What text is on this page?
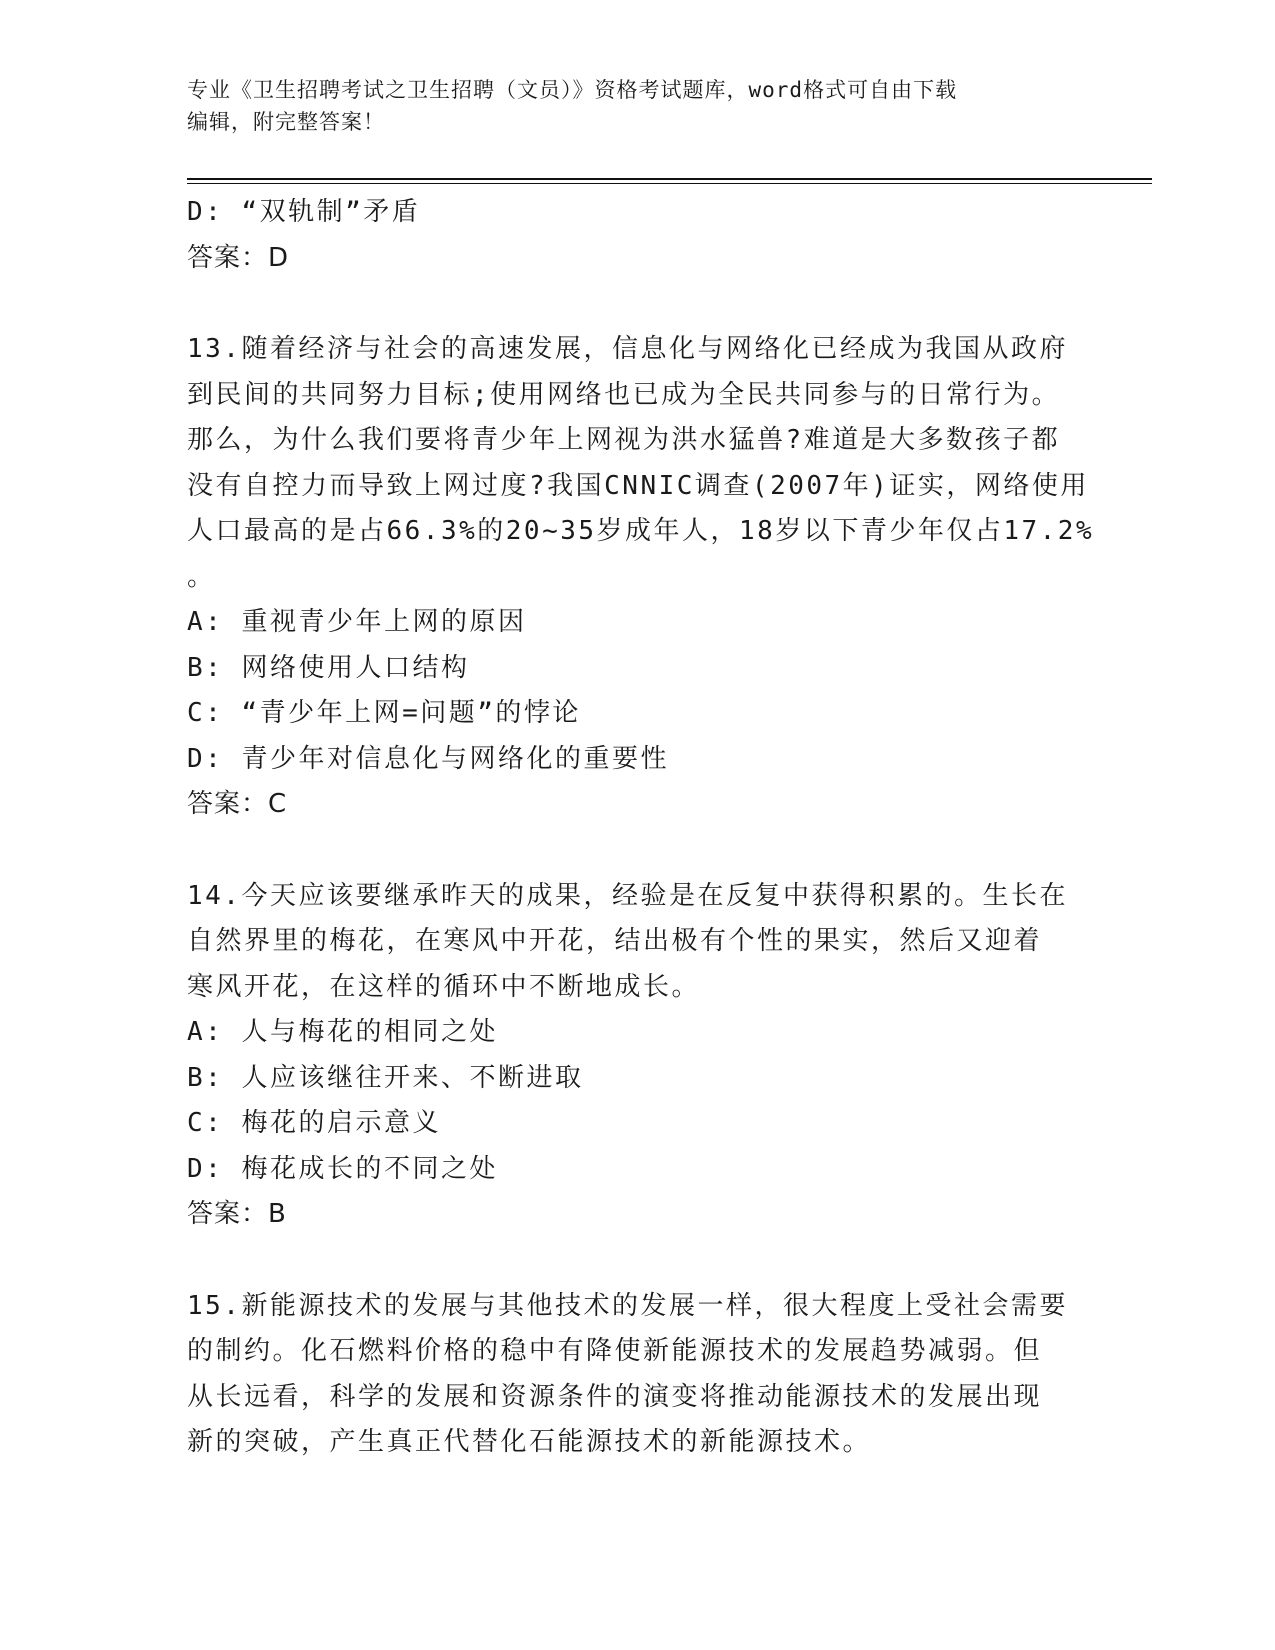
专业《卫生招聘考试之卫生招聘（文员）》资格考试题库，word格式可自由下载
编辑，附完整答案！
D: “双轨制”矛盾
答案：D
13.随着经济与社会的高速发展，信息化与网络化已经成为我国从政府
到民间的共同努力目标;使用网络也已成为全民共同参与的日常行为。
那么，为什么我们要将青少年上网视为洪水猛兽?难道是大多数孩子都
没有自控力而导致上网过度?我国CNNIC调查(2007年)证实，网络使用
人口最高的是占66.3%的20~35岁成年人，18岁以下青少年仅占17.2%
。
A: 重视青少年上网的原因
B: 网络使用人口结构
C: “青少年上网=问题”的悖论
D: 青少年对信息化与网络化的重要性
答案：C
14.今天应该要继承昨天的成果，经验是在反复中获得积累的。生长在
自然界里的梅花，在寒风中开花，结出极有个性的果实，然后又迎着
寒风开花，在这样的循环中不断地成长。
A: 人与梅花的相同之处
B: 人应该继往开来、不断进取
C: 梅花的启示意义
D: 梅花成长的不同之处
答案：B
15.新能源技术的发展与其他技术的发展一样，很大程度上受社会需要
的制约。化石燃料价格的稳中有降使新能源技术的发展趋势减弱。但
从长远看，科学的发展和资源条件的演变将推动能源技术的发展出现
新的突破，产生真正代替化石能源技术的新能源技术。
